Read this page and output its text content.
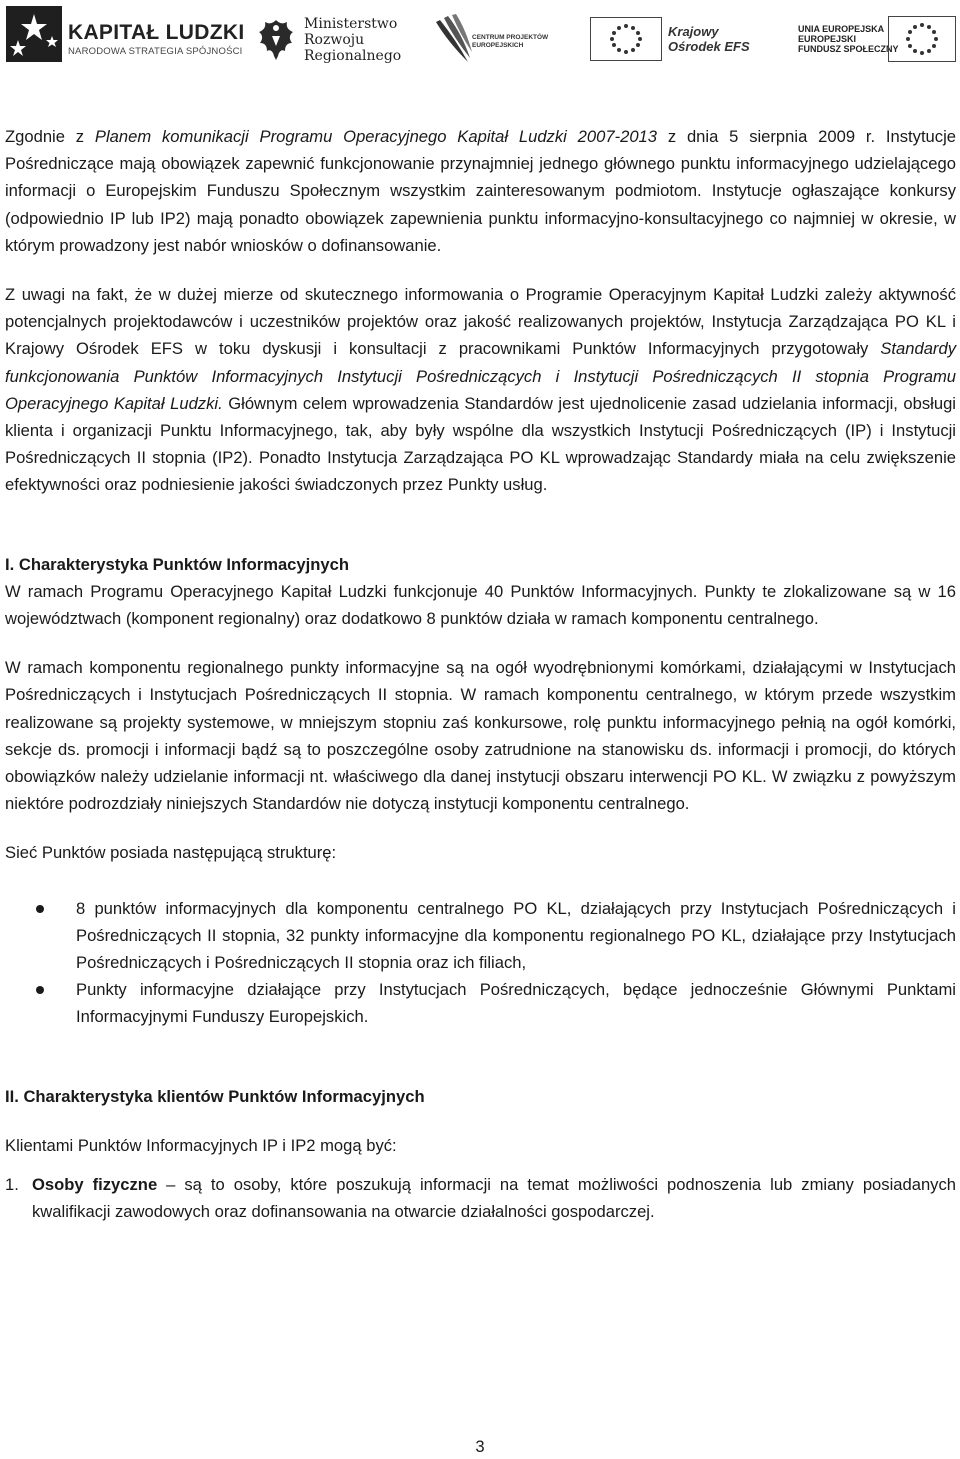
KAPITAŁ LUDZKI
NARODOWA STRATEGIA SPÓJNOŚCI
Ministerstwo
Rozwoju
Regionalnego
CENTRUM PROJEKTÓW
EUROPEJSKICH
Krajowy
Ośrodek EFS
UNIA EUROPEJSKA
EUROPEJSKI
FUNDUSZ SPOŁECZNY

Zgodnie z Planem komunikacji Programu Operacyjnego Kapitał Ludzki 2007-2013 z dnia 5 sierpnia 2009 r. Instytucje Pośredniczące mają obowiązek zapewnić funkcjonowanie przynajmniej jednego głównego punktu informacyjnego udzielającego informacji o Europejskim Funduszu Społecznym wszystkim zainteresowanym podmiotom. Instytucje ogłaszające konkursy (odpowiednio IP lub IP2) mają ponadto obowiązek zapewnienia punktu informacyjno-konsultacyjnego co najmniej w okresie, w którym prowadzony jest nabór wniosków o dofinansowanie.

Z uwagi na fakt, że w dużej mierze od skutecznego informowania o Programie Operacyjnym Kapitał Ludzki zależy aktywność potencjalnych projektodawców i uczestników projektów oraz jakość realizowanych projektów, Instytucja Zarządzająca PO KL i Krajowy Ośrodek EFS w toku dyskusji i konsultacji z pracownikami Punktów Informacyjnych przygotowały Standardy funkcjonowania Punktów Informacyjnych Instytucji Pośredniczących i Instytucji Pośredniczących II stopnia Programu Operacyjnego Kapitał Ludzki. Głównym celem wprowadzenia Standardów jest ujednolicenie zasad udzielania informacji, obsługi klienta i organizacji Punktu Informacyjnego, tak, aby były wspólne dla wszystkich Instytucji Pośredniczących (IP) i Instytucji Pośredniczących II stopnia (IP2). Ponadto Instytucja Zarządzająca PO KL wprowadzając Standardy miała na celu zwiększenie efektywności oraz podniesienie jakości świadczonych przez Punkty usług.

I. Charakterystyka Punktów Informacyjnych

W ramach Programu Operacyjnego Kapitał Ludzki funkcjonuje 40 Punktów Informacyjnych. Punkty te zlokalizowane są w 16 województwach (komponent regionalny) oraz dodatkowo 8 punktów działa w ramach komponentu centralnego.

W ramach komponentu regionalnego punkty informacyjne są na ogół wyodrębnionymi komórkami, działającymi w Instytucjach Pośredniczących i Instytucjach Pośredniczących II stopnia. W ramach komponentu centralnego, w którym przede wszystkim realizowane są projekty systemowe, w mniejszym stopniu zaś konkursowe, rolę punktu informacyjnego pełnią na ogół komórki, sekcje ds. promocji i informacji bądź są to poszczególne osoby zatrudnione na stanowisku ds. informacji i promocji, do których obowiązków należy udzielanie informacji nt. właściwego dla danej instytucji obszaru interwencji PO KL. W związku z powyższym niektóre podrozdziały niniejszych Standardów nie dotyczą instytucji komponentu centralnego.

Sieć Punktów posiada następującą strukturę:

8 punktów informacyjnych dla komponentu centralnego PO KL, działających przy Instytucjach Pośredniczących i Pośredniczących II stopnia, 32 punkty informacyjne dla komponentu regionalnego PO KL, działające przy Instytucjach Pośredniczących i Pośredniczących II stopnia oraz ich filiach,
Punkty informacyjne działające przy Instytucjach Pośredniczących, będące jednocześnie Głównymi Punktami Informacyjnymi Funduszy Europejskich.

II. Charakterystyka klientów Punktów Informacyjnych

Klientami Punktów Informacyjnych IP i IP2 mogą być:

1. Osoby fizyczne – są to osoby, które poszukują informacji na temat możliwości podnoszenia lub zmiany posiadanych kwalifikacji zawodowych oraz dofinansowania na otwarcie działalności gospodarczej.
3
